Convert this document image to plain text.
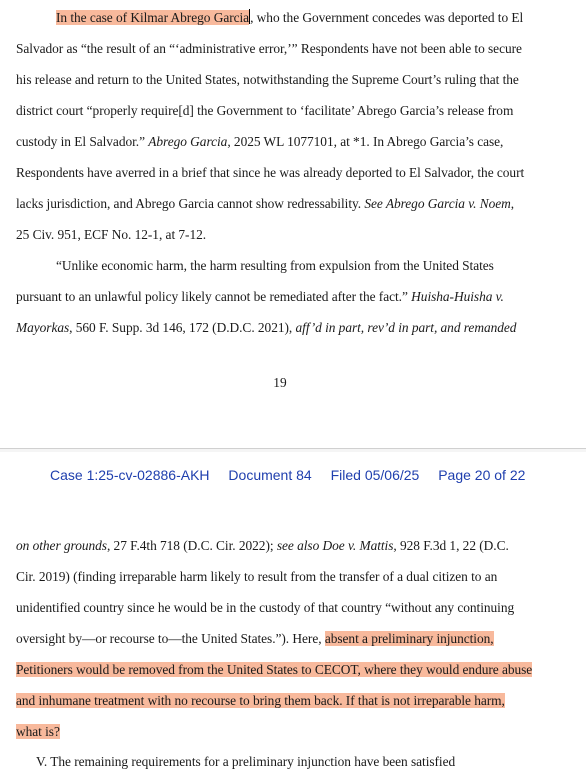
In the case of Kilmar Abrego Garcia, who the Government concedes was deported to El
Salvador as “the result of an “‘administrative error,’” Respondents have not been able to secure
his release and return to the United States, notwithstanding the Supreme Court’s ruling that the
district court “properly require[d] the Government to ‘facilitate’ Abrego Garcia’s release from
custody in El Salvador.” Abrego Garcia, 2025 WL 1077101, at *1. In Abrego Garcia’s case,
Respondents have averred in a brief that since he was already deported to El Salvador, the court
lacks jurisdiction, and Abrego Garcia cannot show redressability. See Abrego Garcia v. Noem,
25 Civ. 951, ECF No. 12-1, at 7-12.
“Unlike economic harm, the harm resulting from expulsion from the United States
pursuant to an unlawful policy likely cannot be remediated after the fact.” Huisha-Huisha v.
Mayorkas, 560 F. Supp. 3d 146, 172 (D.D.C. 2021), aff’d in part, rev’d in part, and remanded
19
Case 1:25-cv-02886-AKH Document 84 Filed 05/06/25 Page 20 of 22
on other grounds, 27 F.4th 718 (D.C. Cir. 2022); see also Doe v. Mattis, 928 F.3d 1, 22 (D.C.
Cir. 2019) (finding irreparable harm likely to result from the transfer of a dual citizen to an
unidentified country since he would be in the custody of that country “without any continuing
oversight by—or recourse to—the United States.”). Here, absent a preliminary injunction,
Petitioners would be removed from the United States to CECOT, where they would endure abuse
and inhumane treatment with no recourse to bring them back. If that is not irreparable harm,
what is?
V. The remaining requirements for a preliminary injunction have been satisfied
